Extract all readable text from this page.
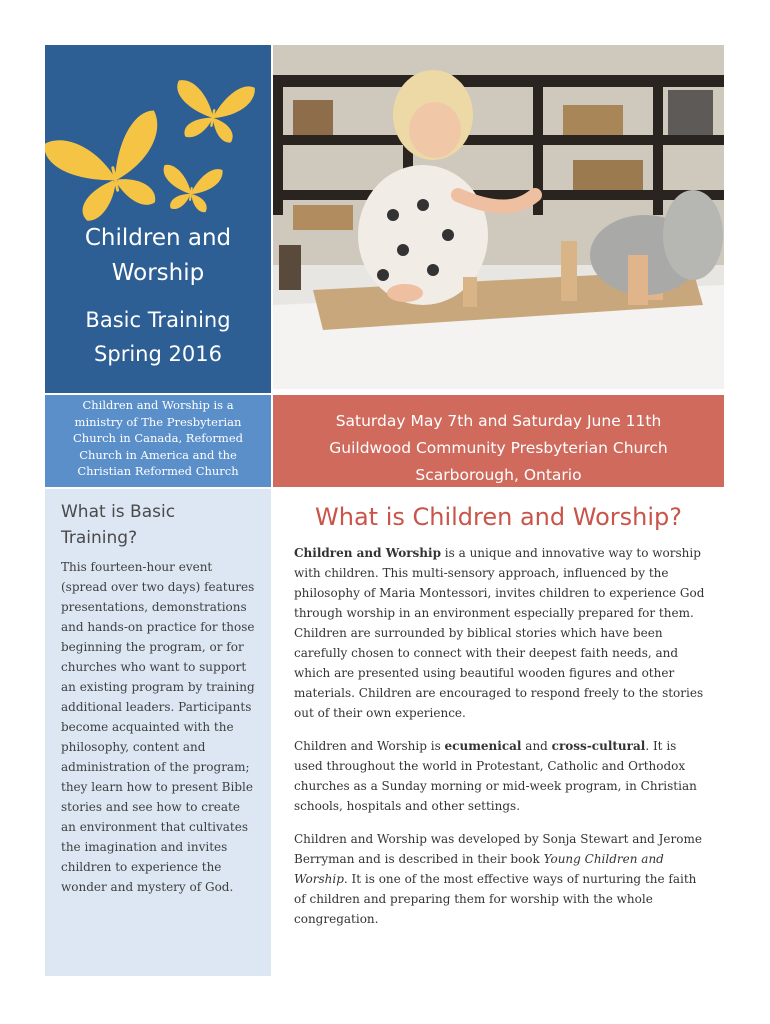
Children and
Worship
Basic Training
Spring 2016
Children and Worship is a
ministry of The Presbyterian
Church in Canada, Reformed
Church in America and the
Christian Reformed Church
What is Basic
Training?

This fourteen-hour event (spread over two days) features presentations, demonstrations and hands-on practice for those beginning the program, or for churches who want to support an existing program by training additional leaders. Participants become acquainted with the philosophy, content and administration of the program; they learn how to present Bible stories and see how to create an environment that cultivates the imagination and invites children to experience the wonder and mystery of God.

Saturday May 7th and Saturday June 11th
Guildwood Community Presbyterian Church
Scarborough, Ontario
What is Children and Worship?

Children and Worship is a unique and innovative way to worship with children. This multi-sensory approach, influenced by the philosophy of Maria Montessori, invites children to experience God through worship in an environment especially prepared for them. Children are surrounded by biblical stories which have been carefully chosen to connect with their deepest faith needs, and which are presented using beautiful wooden figures and other materials. Children are encouraged to respond freely to the stories out of their own experience.

Children and Worship is ecumenical and cross-cultural. It is used throughout the world in Protestant, Catholic and Orthodox churches as a Sunday morning or mid-week program, in Christian schools, hospitals and other settings.

Children and Worship was developed by Sonja Stewart and Jerome Berryman and is described in their book Young Children and Worship. It is one of the most effective ways of nurturing the faith of children and preparing them for worship with the whole congregation.
